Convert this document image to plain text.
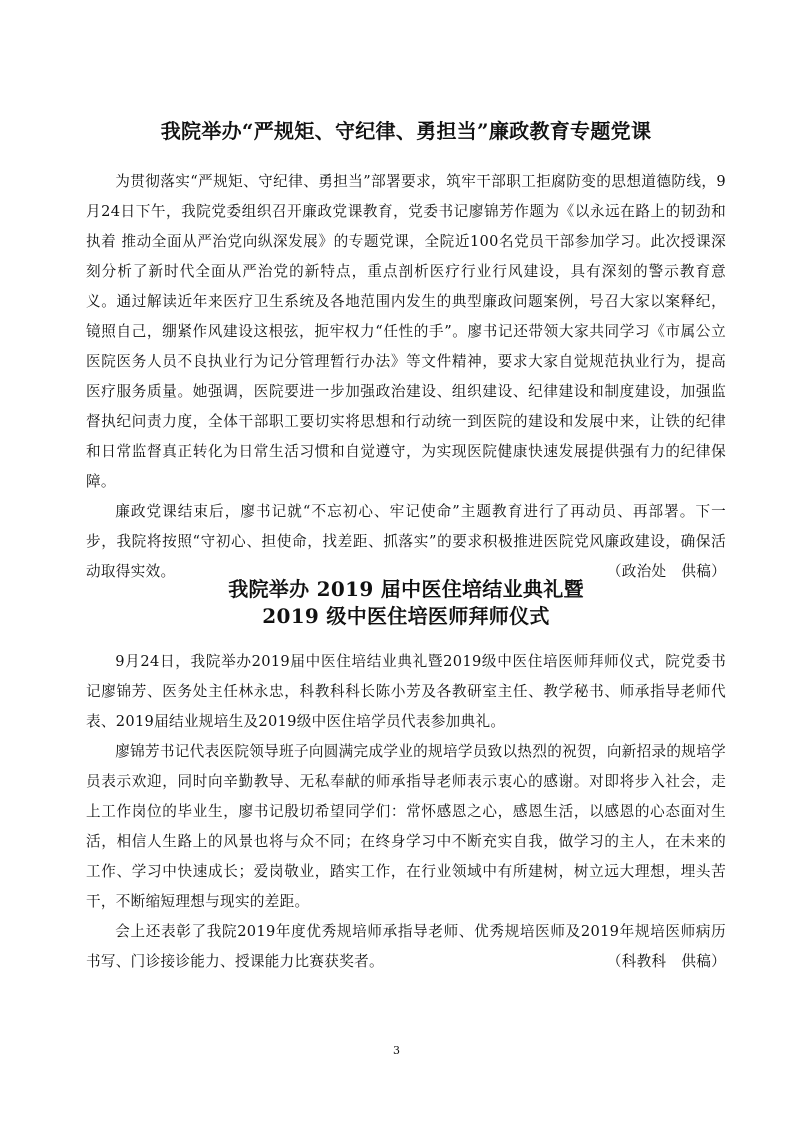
我院举办“严规矩、守纪律、勇担当”廉政教育专题党课

为贯彻落实“严规矩、守纪律、勇担当”部署要求，筑牢干部职工拒腐防变的思想道德防线，9月24日下午，我院党委组织召开廉政党课教育，党委书记廖锦芳作题为《以永远在路上的韧劲和执着 推动全面从严治党向纵深发展》的专题党课，全院近100名党员干部参加学习。此次授课深刻分析了新时代全面从严治党的新特点，重点剖析医疗行业行风建设，具有深刻的警示教育意义。通过解读近年来医疗卫生系统及各地范围内发生的典型廉政问题案例，号召大家以案释纪，镜照自己，绷紧作风建设这根弦，扼牢权力“任性的手”。廖书记还带领大家共同学习《市属公立医院医务人员不良执业行为记分管理暂行办法》等文件精神，要求大家自觉规范执业行为，提高医疗服务质量。她强调，医院要进一步加强政治建设、组织建设、纪律建设和制度建设，加强监督执纪问责力度，全体干部职工要切实将思想和行动统一到医院的建设和发展中来，让铁的纪律和日常监督真正转化为日常生活习惯和自觉遵守，为实现医院健康快速发展提供强有力的纪律保障。

廉政党课结束后，廖书记就“不忘初心、牢记使命”主题教育进行了再动员、再部署。下一步，我院将按照“守初心、担使命，找差距、抓落实”的要求积极推进医院党风廉政建设，确保活动取得实效。	（政治处　供稿）

我院举办 2019 届中医住培结业典礼暨
2019 级中医住培医师拜师仪式

9月24日，我院举办2019届中医住培结业典礼暨2019级中医住培医师拜师仪式，院党委书记廖锦芳、医务处主任林永忠，科教科科长陈小芳及各教研室主任、教学秘书、师承指导老师代表、2019届结业规培生及2019级中医住培学员代表参加典礼。

廖锦芳书记代表医院领导班子向圆满完成学业的规培学员致以热烈的祝贺，向新招录的规培学员表示欢迎，同时向辛勤教导、无私奉献的师承指导老师表示衷心的感谢。对即将步入社会，走上工作岗位的毕业生，廖书记殷切希望同学们：常怀感恩之心，感恩生活，以感恩的心态面对生活，相信人生路上的风景也将与众不同；在终身学习中不断充实自我，做学习的主人，在未来的工作、学习中快速成长；爱岗敬业，踏实工作，在行业领域中有所建树，树立远大理想，埋头苦干，不断缩短理想与现实的差距。

会上还表彰了我院2019年度优秀规培师承指导老师、优秀规培医师及2019年规培医师病历书写、门诊接诊能力、授课能力比赛获奖者。	（科教科　供稿）

3
